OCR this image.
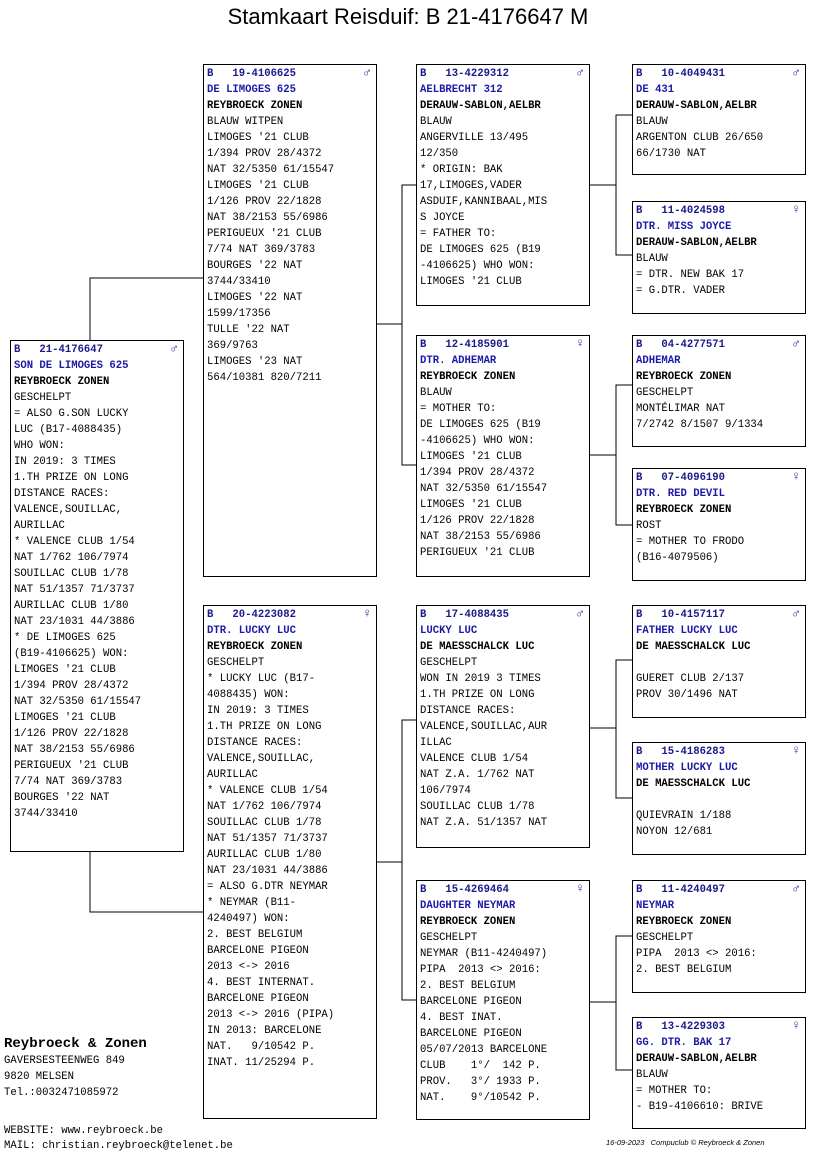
Stamkaart Reisduif: B 21-4176647 M
B   21-4176647	♂
SON DE LIMOGES 625
REYBROECK ZONEN
GESCHELPT
= ALSO G.SON LUCKY
LUC (B17-4088435)
WHO WON:
IN 2019: 3 TIMES
1.TH PRIZE ON LONG
DISTANCE RACES:
VALENCE,SOUILLAC,
AURILLAC
* VALENCE CLUB 1/54
NAT 1/762 106/7974
SOUILLAC CLUB 1/78
NAT 51/1357 71/3737
AURILLAC CLUB 1/80
NAT 23/1031 44/3886
* DE LIMOGES 625
(B19-4106625) WON:
LIMOGES '21 CLUB
1/394 PROV 28/4372
NAT 32/5350 61/15547
LIMOGES '21 CLUB
1/126 PROV 22/1828
NAT 38/2153 55/6986
PERIGUEUX '21 CLUB
7/74 NAT 369/3783
BOURGES '22 NAT
3744/33410
B   19-4106625	♂
DE LIMOGES 625
REYBROECK ZONEN
BLAUW WITPEN
LIMOGES '21 CLUB
1/394 PROV 28/4372
NAT 32/5350 61/15547
LIMOGES '21 CLUB
1/126 PROV 22/1828
NAT 38/2153 55/6986
PERIGUEUX '21 CLUB
7/74 NAT 369/3783
BOURGES '22 NAT
3744/33410
LIMOGES '22 NAT
1599/17356
TULLE '22 NAT
369/9763
LIMOGES '23 NAT
564/10381 820/7211
B   20-4223082	♀
DTR. LUCKY LUC
REYBROECK ZONEN
GESCHELPT
* LUCKY LUC (B17-
4088435) WON:
IN 2019: 3 TIMES
1.TH PRIZE ON LONG
DISTANCE RACES:
VALENCE,SOUILLAC,
AURILLAC
* VALENCE CLUB 1/54
NAT 1/762 106/7974
SOUILLAC CLUB 1/78
NAT 51/1357 71/3737
AURILLAC CLUB 1/80
NAT 23/1031 44/3886
= ALSO G.DTR NEYMAR
* NEYMAR (B11-
4240497) WON:
2. BEST BELGIUM
BARCELONE PIGEON
2013 <-> 2016
4. BEST INTERNAT.
BARCELONE PIGEON
2013 <-> 2016 (PIPA)
IN 2013: BARCELONE
NAT.   9/10542 P.
INAT. 11/25294 P.
B   13-4229312	♂
AELBRECHT 312
DERAUW-SABLON,AELBR
BLAUW
ANGERVILLE 13/495
12/350
* ORIGIN: BAK
17,LIMOGES,VADER
ASDUIF,KANNIBAAL,MIS
S JOYCE
= FATHER TO:
DE LIMOGES 625 (B19
-4106625) WHO WON:
LIMOGES '21 CLUB
B   12-4185901	♀
DTR. ADHEMAR
REYBROECK ZONEN
BLAUW
= MOTHER TO:
DE LIMOGES 625 (B19
-4106625) WHO WON:
LIMOGES '21 CLUB
1/394 PROV 28/4372
NAT 32/5350 61/15547
LIMOGES '21 CLUB
1/126 PROV 22/1828
NAT 38/2153 55/6986
PERIGUEUX '21 CLUB
B   17-4088435	♂
LUCKY LUC
DE MAESSCHALCK LUC
GESCHELPT
WON IN 2019 3 TIMES
1.TH PRIZE ON LONG
DISTANCE RACES:
VALENCE,SOUILLAC,AUR
ILLAC
VALENCE CLUB 1/54
NAT Z.A. 1/762 NAT
106/7974
SOUILLAC CLUB 1/78
NAT Z.A. 51/1357 NAT
B   15-4269464	♀
DAUGHTER NEYMAR
REYBROECK ZONEN
GESCHELPT
NEYMAR (B11-4240497)
PIPA  2013 <> 2016:
2. BEST BELGIUM
BARCELONE PIGEON
4. BEST INAT.
BARCELONE PIGEON
05/07/2013 BARCELONE
CLUB    1°/  142 P.
PROV.   3°/ 1933 P.
NAT.    9°/10542 P.
B   10-4049431	♂
DE 431
DERAUW-SABLON,AELBR
BLAUW
ARGENTON CLUB 26/650
66/1730 NAT
B   11-4024598	♀
DTR. MISS JOYCE
DERAUW-SABLON,AELBR
BLAUW
= DTR. NEW BAK 17
= G.DTR. VADER
B   04-4277571	♂
ADHEMAR
REYBROECK ZONEN
GESCHELPT
MONTÉLIMAR NAT
7/2742 8/1507 9/1334
B   07-4096190	♀
DTR. RED DEVIL
REYBROECK ZONEN
ROST
= MOTHER TO FRODO
(B16-4079506)
B   10-4157117	♂
FATHER LUCKY LUC
DE MAESSCHALCK LUC
GUERET CLUB 2/137
PROV 30/1496 NAT
B   15-4186283	♀
MOTHER LUCKY LUC
DE MAESSCHALCK LUC
QUIEVRAIN 1/188
NOYON 12/681
B   11-4240497	♂
NEYMAR
REYBROECK ZONEN
GESCHELPT
PIPA  2013 <> 2016:
2. BEST BELGIUM
B   13-4229303	♀
GG. DTR. BAK 17
DERAUW-SABLON,AELBR
BLAUW
= MOTHER TO:
- B19-4106610: BRIVE
Reybroeck & Zonen
GAVERSESTEENWEG 849
9820 MELSEN
Tel.:0032471085972
WEBSITE: www.reybroeck.be
MAIL: christian.reybroeck@telenet.be	16-09-2023   Compuclub © Reybroeck & Zonen
